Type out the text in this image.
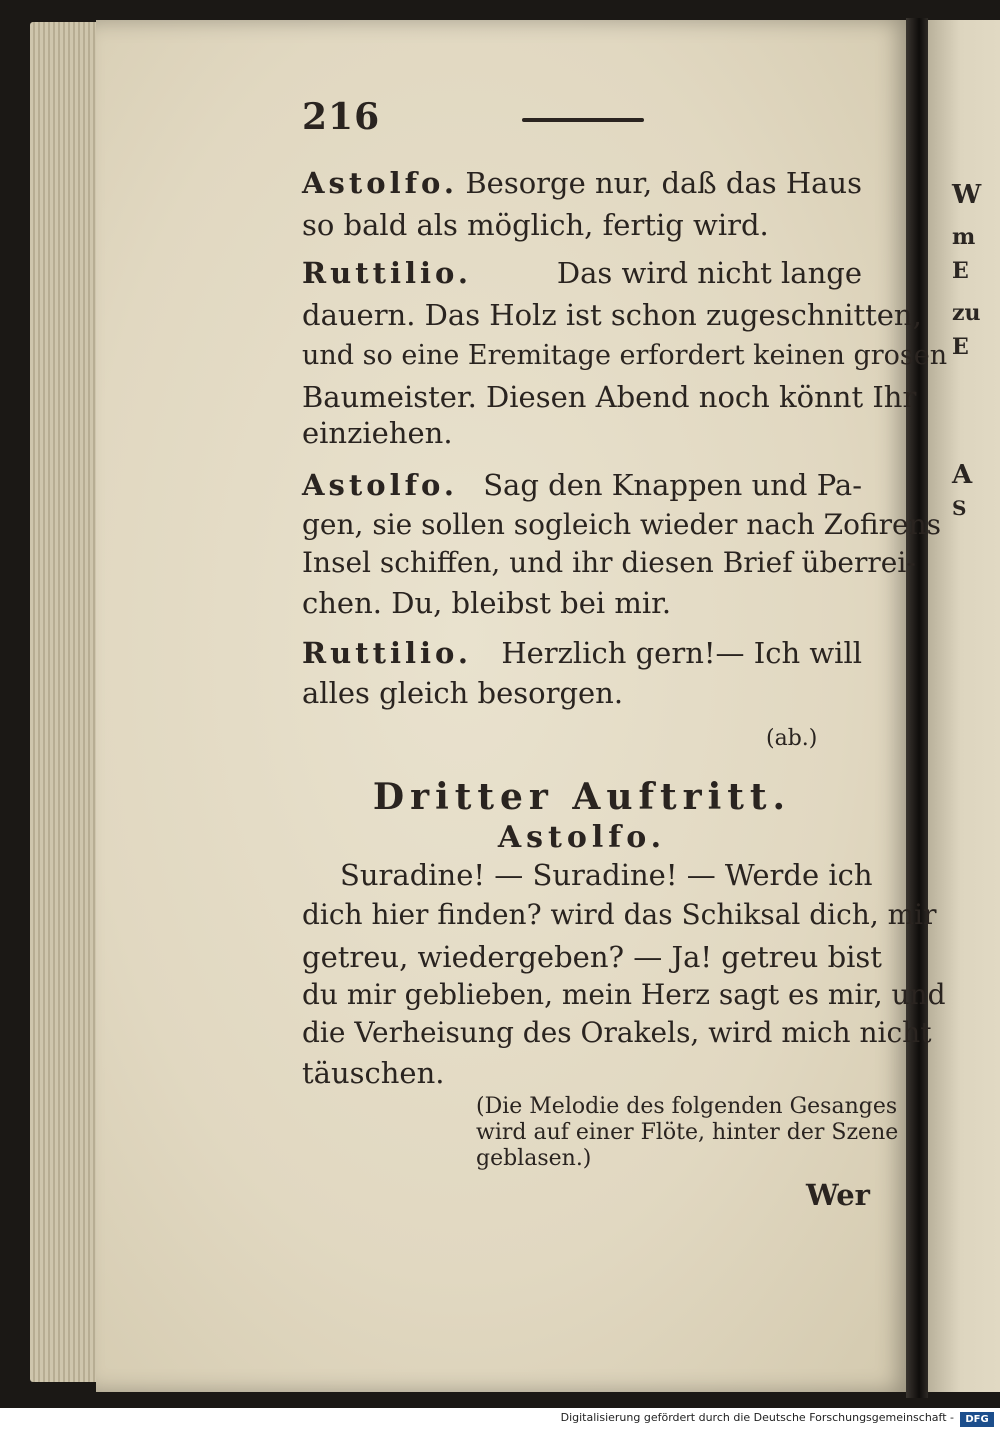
W
m
E
zu
E
A
S
216
Astolfo. Besorge nur, daß das Haus
so bald als möglich, fertig wird.
Ruttilio.	Das wird nicht lange
dauern. Das Holz ist schon zugeschnitten,
und so eine Eremitage erfordert keinen grosen
Baumeister. Diesen Abend noch könnt Ihr
einziehen.
Astolfo. Sag den Knappen und Pa-
gen, sie sollen sogleich wieder nach Zofirens
Insel schiffen, und ihr diesen Brief überrei-
chen. Du, bleibst bei mir.
Ruttilio. Herzlich gern!— Ich will
alles gleich besorgen.
(ab.)
Dritter Auftritt.
Astolfo.
Suradine! — Suradine! — Werde ich
dich hier finden? wird das Schiksal dich, mir
getreu, wiedergeben? — Ja! getreu bist
du mir geblieben, mein Herz sagt es mir, und
die Verheisung des Orakels, wird mich nicht
täuschen.
(Die Melodie des folgenden Gesanges
wird auf einer Flöte, hinter der Szene
geblasen.)
Wer
Digitalisierung gefördert durch die Deutsche Forschungsgemeinschaft -	DFG
